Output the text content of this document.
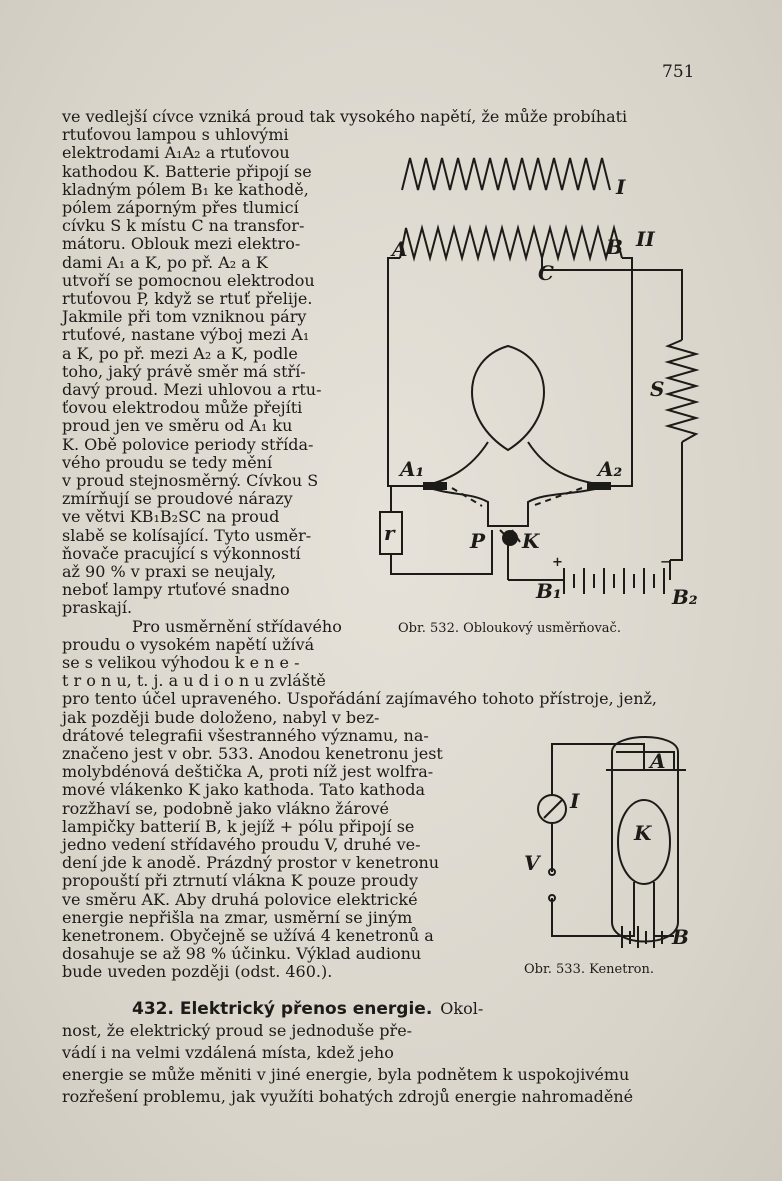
751
ve vedlejší cívce vzniká proud tak vysokého napětí, že může probíhati
rtuťovou lampou s uhlovými
elektrodami A₁A₂ a rtuťovou
kathodou K. Batterie připojí se
kladným pólem B₁ ke kathodě,
pólem záporným přes tlumicí
cívku S k místu C na transfor-
mátoru. Oblouk mezi elektro-
dami A₁ a K, po př. A₂ a K
utvoří se pomocnou elektrodou
rtuťovou P, když se rtuť přelije.
Jakmile při tom vzniknou páry
rtuťové, nastane výboj mezi A₁
a K, po př. mezi A₂ a K, podle
toho, jaký právě směr má stří-
davý proud. Mezi uhlovou a rtu-
ťovou elektrodou může přejíti
proud jen ve směru od A₁ ku
K. Obě polovice periody střída-
vého proudu se tedy mění
v proud stejnosměrný. Cívkou S
zmírňují se proudové nárazy
ve větvi KB₁B₂SC na proud
slabě se kolísající. Tyto usměr-
ňovače pracující s výkonností
až 90 % v praxi se neujaly,
neboť lampy rtuťové snadno
praskají.
Pro usměrnění střídavého
proudu o vysokém napětí užívá
se s velikou výhodou k e n e -
t r o n u, t. j. a u d i o n u zvláště
pro tento účel upraveného. Uspořádání zajímavého tohoto přístroje, jenž,
jak později bude doloženo, nabyl v bez-
drátové telegrafii všestranného významu, na-
značeno jest v obr. 533. Anodou kenetronu jest
molybdénová deštička A, proti níž jest wolfra-
mové vlákenko K jako kathoda. Tato kathoda
rozžhaví se, podobně jako vlákno žárové
lampičky batterií B, k jejíž + pólu připojí se
jedno vedení střídavého proudu V, druhé ve-
dení jde k anodě. Prázdný prostor v kenetronu
propouští při ztrnutí vlákna K pouze proudy
ve směru AK. Aby druhá polovice elektrické
energie nepřišla na zmar, usměrní se jiným
kenetronem. Obyčejně se užívá 4 kenetronů a
dosahuje se až 98 % účinku. Výklad audionu
bude uveden později (odst. 460.).
432. Elektrický přenos energie. Okol-
nost, že elektrický proud se jednoduše pře-
vádí i na velmi vzdálená místa, kdež jeho
energie se může měniti v jiné energie, byla podnětem k uspokojivému
rozřešení problemu, jak využíti bohatých zdrojů energie nahromaděné
I
II
A	B
C
S
A₁	A₂
r	P K
B₁	B₂
+	−
Obr. 532. Obloukový usměrňovač.
A
K
I
V
B
Obr. 533. Kenetron.
